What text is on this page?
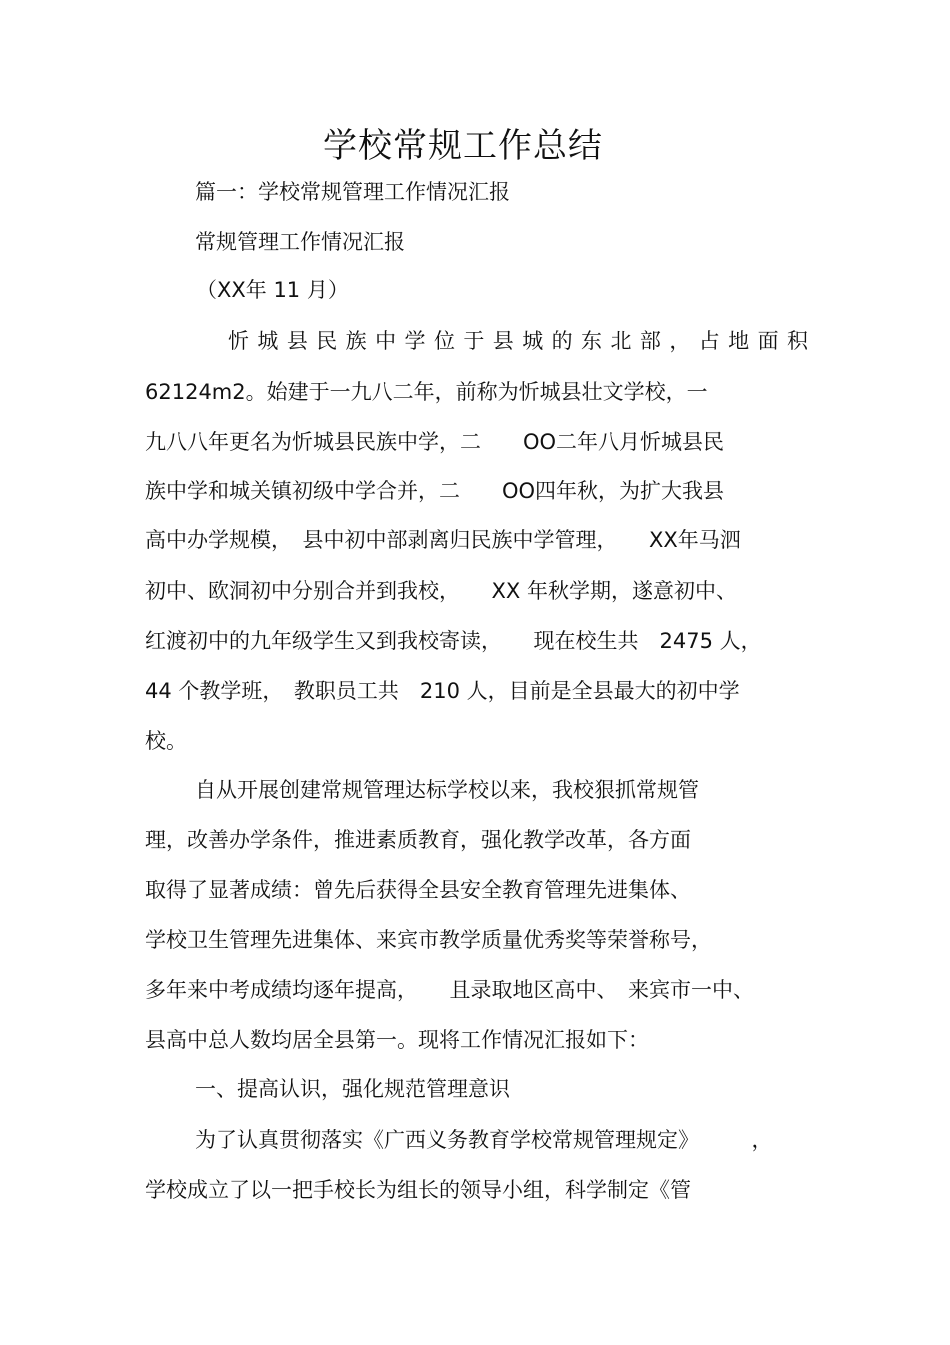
学校常规工作总结
篇一：学校常规管理工作情况汇报
常规管理工作情况汇报
（XX年 11 月）
忻城县民族中学位于县城的东北部，占地面积
62124m2。始建于一九八二年，前称为忻城县壮文学校，一
九八八年更名为忻城县民族中学，二　　OO二年八月忻城县民
族中学和城关镇初级中学合并，二　　OO四年秋，为扩大我县
高中办学规模，　县中初中部剥离归民族中学管理，　　XX年马泗
初中、欧洞初中分别合并到我校，　　XX 年秋学期，遂意初中、
红渡初中的九年级学生又到我校寄读，　　现在校生共　2475 人，
44 个教学班，　教职员工共　210 人，目前是全县最大的初中学
校。
自从开展创建常规管理达标学校以来，我校狠抓常规管
理，改善办学条件，推进素质教育，强化教学改革，各方面
取得了显著成绩：曾先后获得全县安全教育管理先进集体、
学校卫生管理先进集体、来宾市教学质量优秀奖等荣誉称号，
多年来中考成绩均逐年提高，　　且录取地区高中、　来宾市一中、
县高中总人数均居全县第一。现将工作情况汇报如下：
一、提高认识，强化规范管理意识
为了认真贯彻落实《广西义务教育学校常规管理规定》　　　，
学校成立了以一把手校长为组长的领导小组，科学制定《管
